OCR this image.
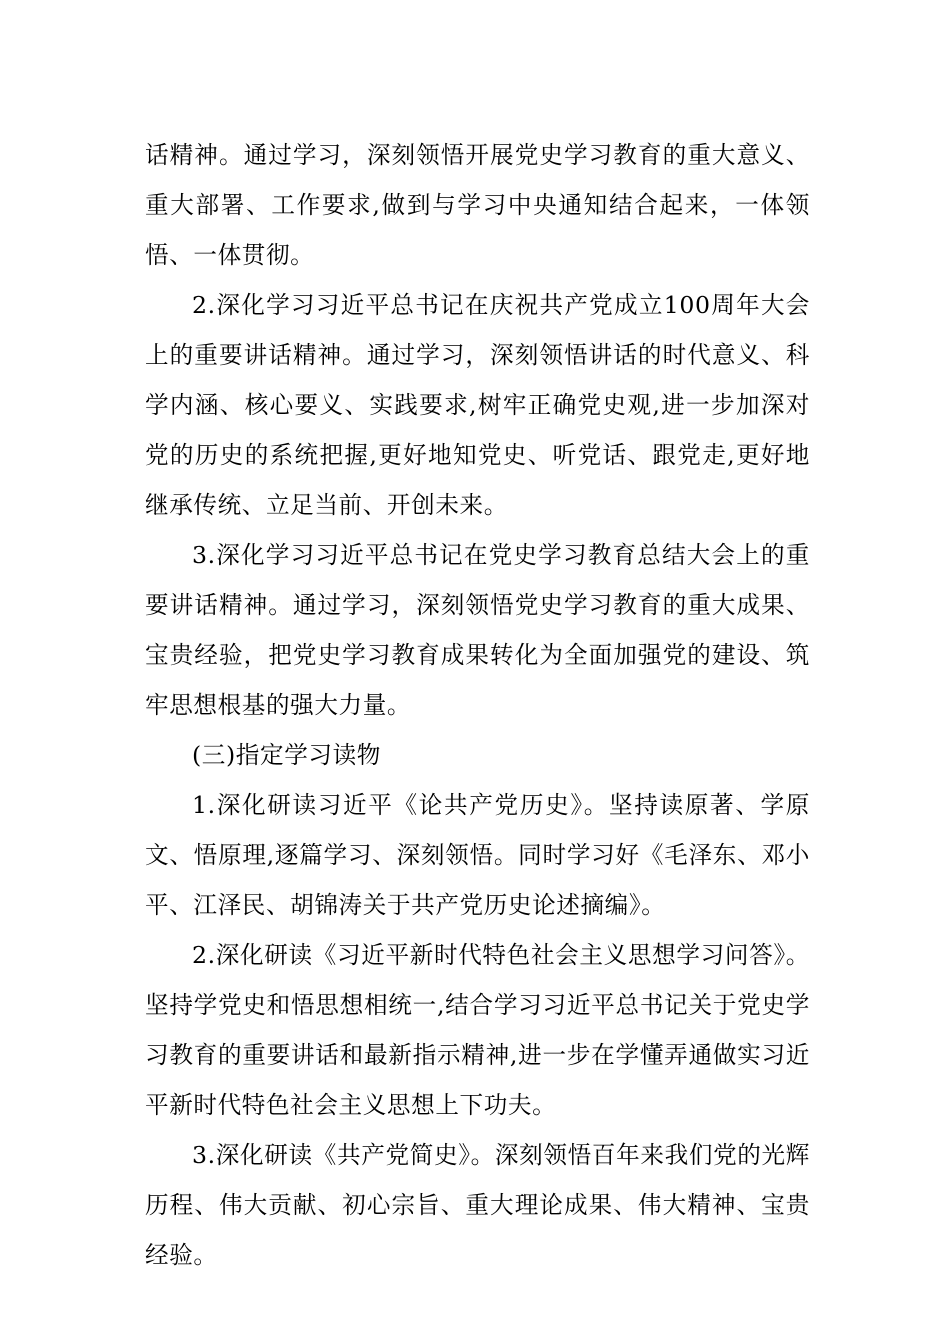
话精神。通过学习，深刻领悟开展党史学习教育的重大意义、重大部署、工作要求,做到与学习中央通知结合起来，一体领悟、一体贯彻。

2.深化学习习近平总书记在庆祝共产党成立100周年大会上的重要讲话精神。通过学习，深刻领悟讲话的时代意义、科学内涵、核心要义、实践要求,树牢正确党史观,进一步加深对党的历史的系统把握,更好地知党史、听党话、跟党走,更好地继承传统、立足当前、开创未来。

3.深化学习习近平总书记在党史学习教育总结大会上的重要讲话精神。通过学习，深刻领悟党史学习教育的重大成果、宝贵经验，把党史学习教育成果转化为全面加强党的建设、筑牢思想根基的强大力量。

(三)指定学习读物

1.深化研读习近平《论共产党历史》。坚持读原著、学原文、悟原理,逐篇学习、深刻领悟。同时学习好《毛泽东、邓小平、江泽民、胡锦涛关于共产党历史论述摘编》。

2.深化研读《习近平新时代特色社会主义思想学习问答》。坚持学党史和悟思想相统一,结合学习习近平总书记关于党史学习教育的重要讲话和最新指示精神,进一步在学懂弄通做实习近平新时代特色社会主义思想上下功夫。

3.深化研读《共产党简史》。深刻领悟百年来我们党的光辉历程、伟大贡献、初心宗旨、重大理论成果、伟大精神、宝贵经验。
